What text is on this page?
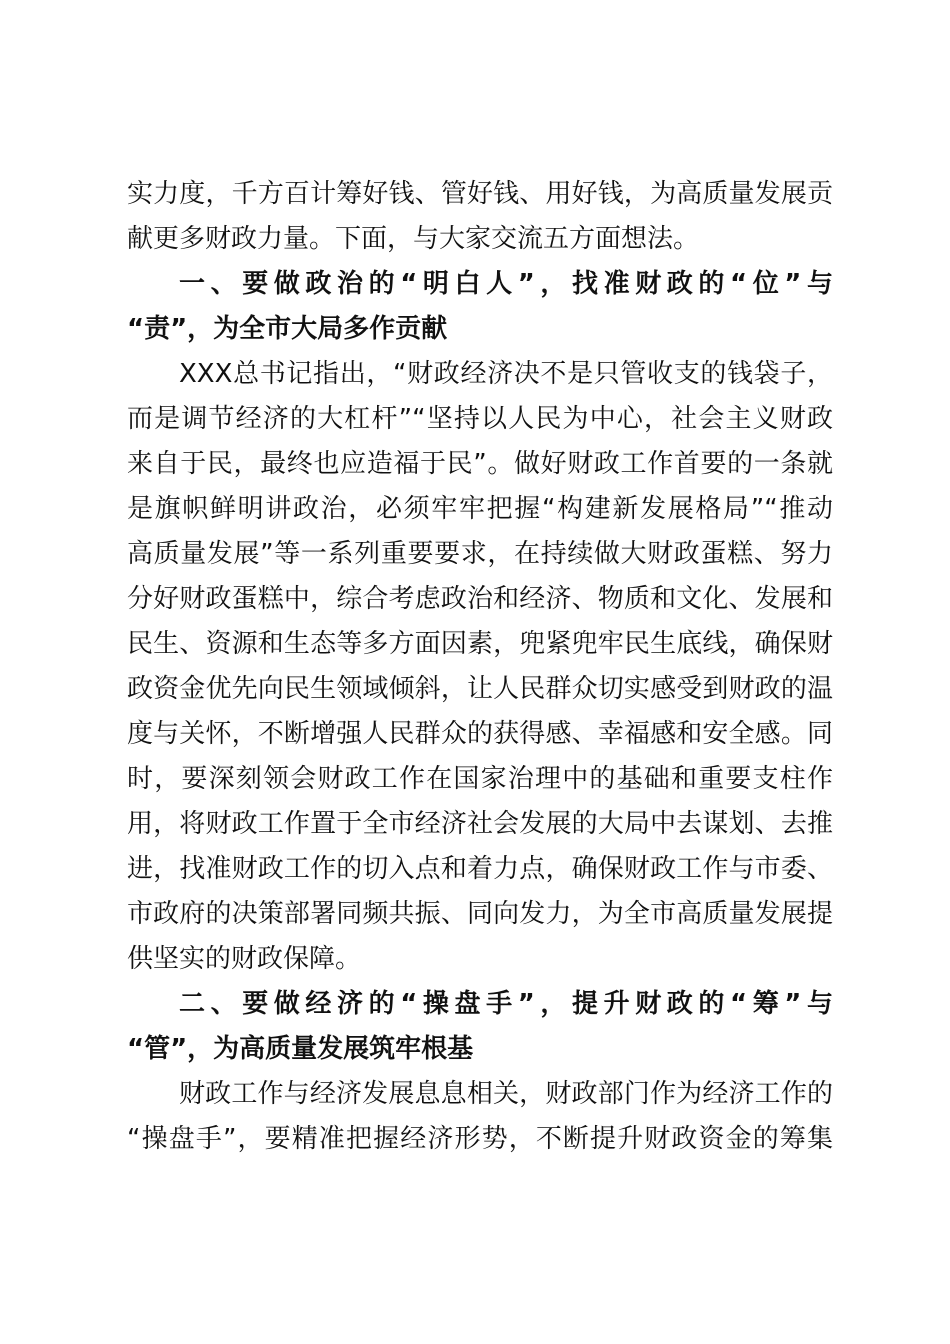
实力度，千方百计筹好钱、管好钱、用好钱，为高质量发展贡
献更多财政力量。下面，与大家交流五方面想法。
一、要做政治的“明白人”，找准财政的“位”与
“责”，为全市大局多作贡献
XXX总书记指出，“财政经济决不是只管收支的钱袋子，
而是调节经济的大杠杆”“坚持以人民为中心，社会主义财政
来自于民，最终也应造福于民”。做好财政工作首要的一条就
是旗帜鲜明讲政治，必须牢牢把握“构建新发展格局”“推动
高质量发展”等一系列重要要求，在持续做大财政蛋糕、努力
分好财政蛋糕中，综合考虑政治和经济、物质和文化、发展和
民生、资源和生态等多方面因素，兜紧兜牢民生底线，确保财
政资金优先向民生领域倾斜，让人民群众切实感受到财政的温
度与关怀，不断增强人民群众的获得感、幸福感和安全感。同
时，要深刻领会财政工作在国家治理中的基础和重要支柱作
用，将财政工作置于全市经济社会发展的大局中去谋划、去推
进，找准财政工作的切入点和着力点，确保财政工作与市委、
市政府的决策部署同频共振、同向发力，为全市高质量发展提
供坚实的财政保障。
二、要做经济的“操盘手”，提升财政的“筹”与
“管”，为高质量发展筑牢根基
财政工作与经济发展息息相关，财政部门作为经济工作的
“操盘手”，要精准把握经济形势，不断提升财政资金的筹集
